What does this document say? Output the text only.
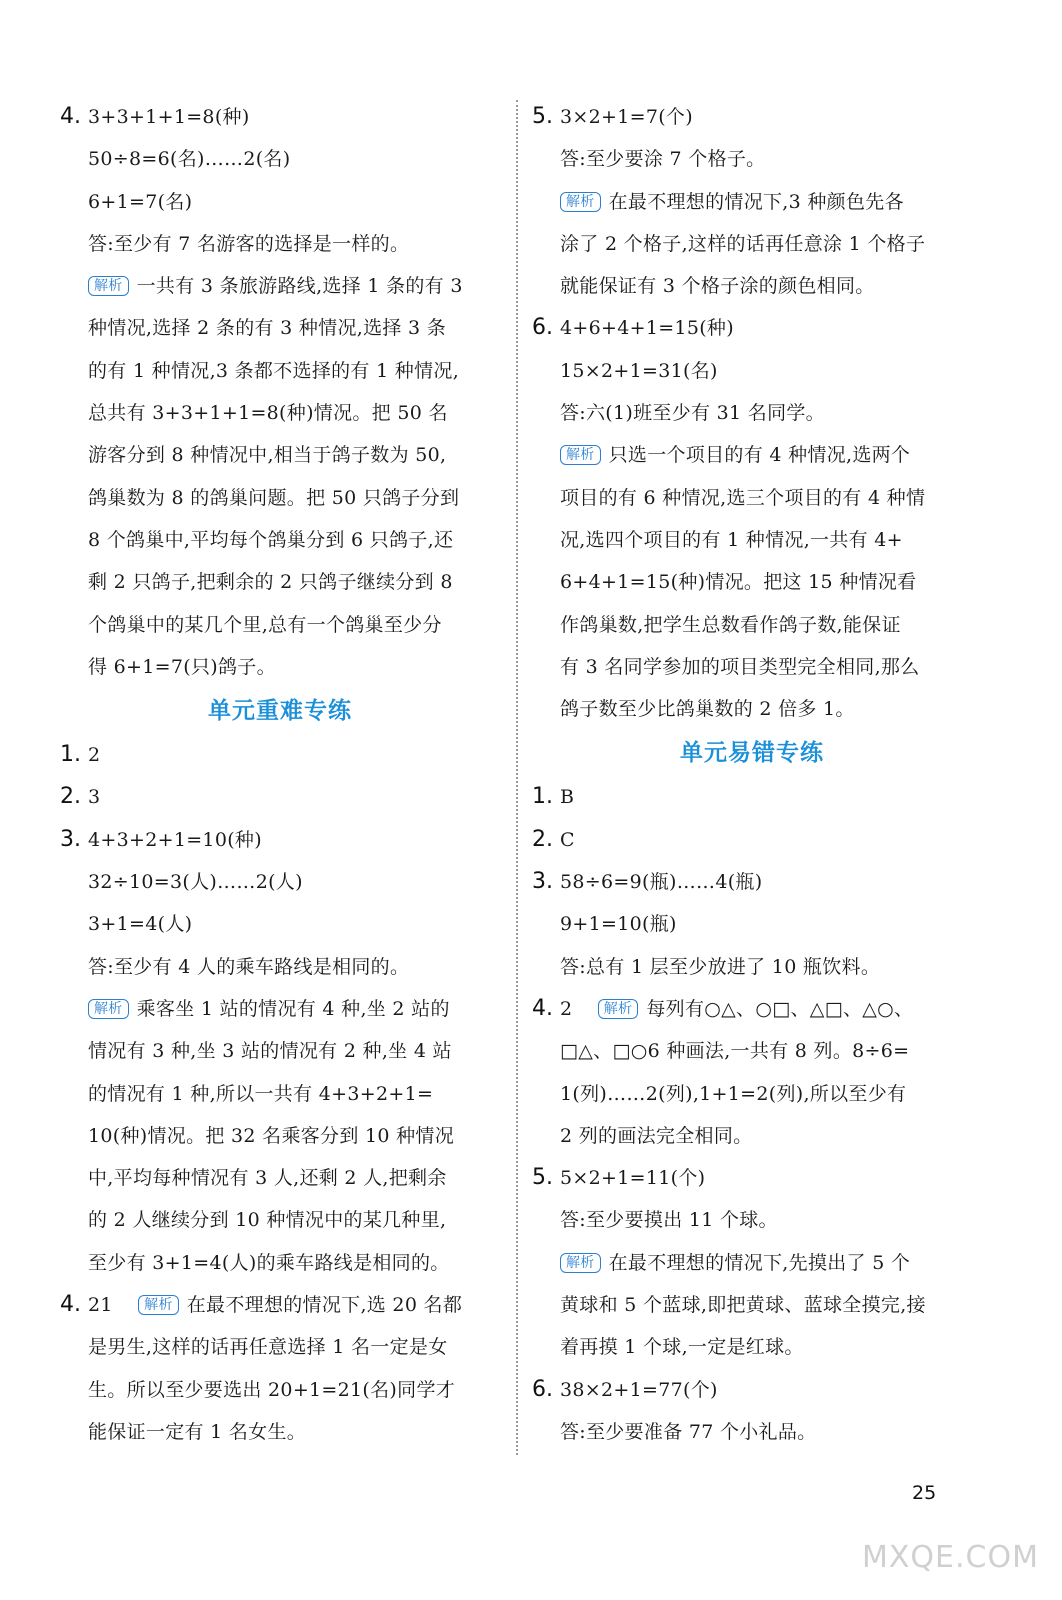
4. 3+3+1+1=8(种)
50÷8=6(名)……2(名)
6+1=7(名)
答:至少有 7 名游客的选择是一样的。
解析 一共有 3 条旅游路线,选择 1 条的有 3
种情况,选择 2 条的有 3 种情况,选择 3 条
的有 1 种情况,3 条都不选择的有 1 种情况,
总共有 3+3+1+1=8(种)情况。把 50 名
游客分到 8 种情况中,相当于鸽子数为 50,
鸽巢数为 8 的鸽巢问题。把 50 只鸽子分到
8 个鸽巢中,平均每个鸽巢分到 6 只鸽子,还
剩 2 只鸽子,把剩余的 2 只鸽子继续分到 8
个鸽巢中的某几个里,总有一个鸽巢至少分
得 6+1=7(只)鸽子。
单元重难专练
1. 2
2. 3
3. 4+3+2+1=10(种)
32÷10=3(人)……2(人)
3+1=4(人)
答:至少有 4 人的乘车路线是相同的。
解析 乘客坐 1 站的情况有 4 种,坐 2 站的
情况有 3 种,坐 3 站的情况有 2 种,坐 4 站
的情况有 1 种,所以一共有 4+3+2+1=
10(种)情况。把 32 名乘客分到 10 种情况
中,平均每种情况有 3 人,还剩 2 人,把剩余
的 2 人继续分到 10 种情况中的某几种里,
至少有 3+1=4(人)的乘车路线是相同的。
4. 21 解析 在最不理想的情况下,选 20 名都
是男生,这样的话再任意选择 1 名一定是女
生。所以至少要选出 20+1=21(名)同学才
能保证一定有 1 名女生。
5. 3×2+1=7(个)
答:至少要涂 7 个格子。
解析 在最不理想的情况下,3 种颜色先各
涂了 2 个格子,这样的话再任意涂 1 个格子
就能保证有 3 个格子涂的颜色相同。
6. 4+6+4+1=15(种)
15×2+1=31(名)
答:六(1)班至少有 31 名同学。
解析 只选一个项目的有 4 种情况,选两个
项目的有 6 种情况,选三个项目的有 4 种情
况,选四个项目的有 1 种情况,一共有 4+
6+4+1=15(种)情况。把这 15 种情况看
作鸽巢数,把学生总数看作鸽子数,能保证
有 3 名同学参加的项目类型完全相同,那么
鸽子数至少比鸽巢数的 2 倍多 1。
单元易错专练
1. B
2. C
3. 58÷6=9(瓶)……4(瓶)
9+1=10(瓶)
答:总有 1 层至少放进了 10 瓶饮料。
4. 2 解析 每列有○△、○□、△□、△○、
□△、□○6 种画法,一共有 8 列。8÷6=
1(列)……2(列),1+1=2(列),所以至少有
2 列的画法完全相同。
5. 5×2+1=11(个)
答:至少要摸出 11 个球。
解析 在最不理想的情况下,先摸出了 5 个
黄球和 5 个蓝球,即把黄球、蓝球全摸完,接
着再摸 1 个球,一定是红球。
6. 38×2+1=77(个)
答:至少要准备 77 个小礼品。
25
MXQE.COM
